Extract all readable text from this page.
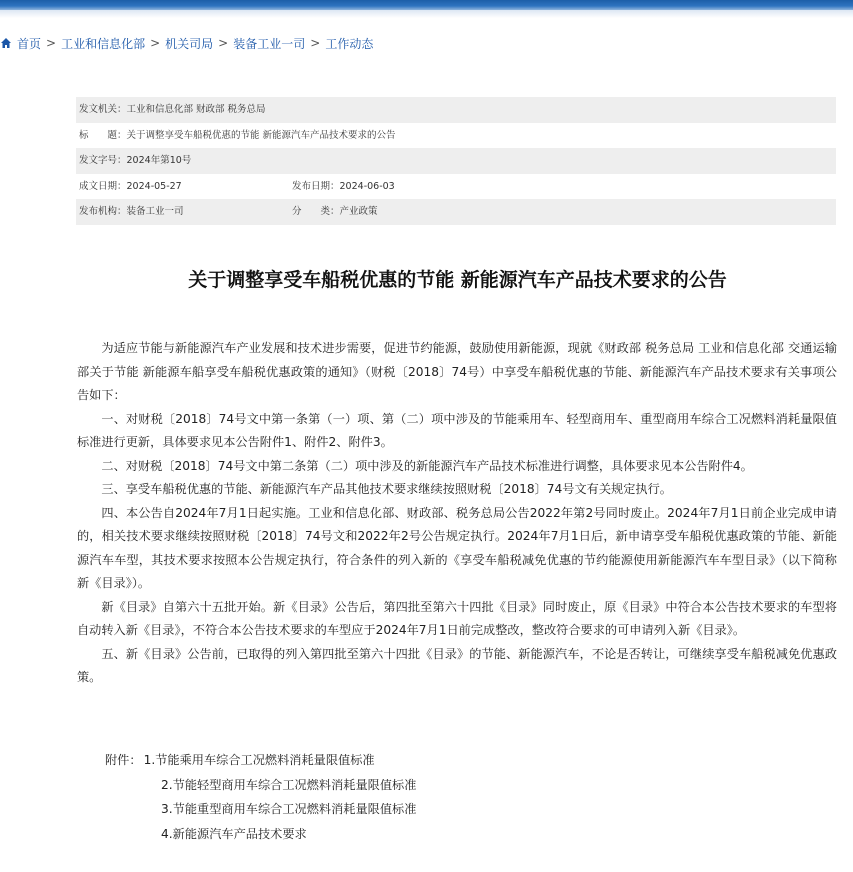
首页 > 工业和信息化部 > 机关司局 > 装备工业一司 > 工作动态
发文机关：工业和信息化部 财政部 税务总局
标　　题：关于调整享受车船税优惠的节能 新能源汽车产品技术要求的公告
发文字号：2024年第10号
成文日期：2024-05-27	发布日期：2024-06-03
发布机构：装备工业一司	分　　类：产业政策
关于调整享受车船税优惠的节能 新能源汽车产品技术要求的公告

为适应节能与新能源汽车产业发展和技术进步需要，促进节约能源，鼓励使用新能源，现就《财政部 税务总局 工业和信息化部 交通运输部关于节能 新能源车船享受车船税优惠政策的通知》（财税〔2018〕74号）中享受车船税优惠的节能、新能源汽车产品技术要求有关事项公告如下：

一、对财税〔2018〕74号文中第一条第（一）项、第（二）项中涉及的节能乘用车、轻型商用车、重型商用车综合工况燃料消耗量限值标准进行更新，具体要求见本公告附件1、附件2、附件3。

二、对财税〔2018〕74号文中第二条第（二）项中涉及的新能源汽车产品技术标准进行调整，具体要求见本公告附件4。

三、享受车船税优惠的节能、新能源汽车产品其他技术要求继续按照财税〔2018〕74号文有关规定执行。

四、本公告自2024年7月1日起实施。工业和信息化部、财政部、税务总局公告2022年第2号同时废止。2024年7月1日前企业完成申请的，相关技术要求继续按照财税〔2018〕74号文和2022年2号公告规定执行。2024年7月1日后，新申请享受车船税优惠政策的节能、新能源汽车车型，其技术要求按照本公告规定执行，符合条件的列入新的《享受车船税减免优惠的节约能源使用新能源汽车车型目录》（以下简称新《目录》）。

新《目录》自第六十五批开始。新《目录》公告后，第四批至第六十四批《目录》同时废止，原《目录》中符合本公告技术要求的车型将自动转入新《目录》，不符合本公告技术要求的车型应于2024年7月1日前完成整改，整改符合要求的可申请列入新《目录》。

五、新《目录》公告前，已取得的列入第四批至第六十四批《目录》的节能、新能源汽车，不论是否转让，可继续享受车船税减免优惠政策。

附件： 1.节能乘用车综合工况燃料消耗量限值标准
2.节能轻型商用车综合工况燃料消耗量限值标准
3.节能重型商用车综合工况燃料消耗量限值标准
4.新能源汽车产品技术要求
